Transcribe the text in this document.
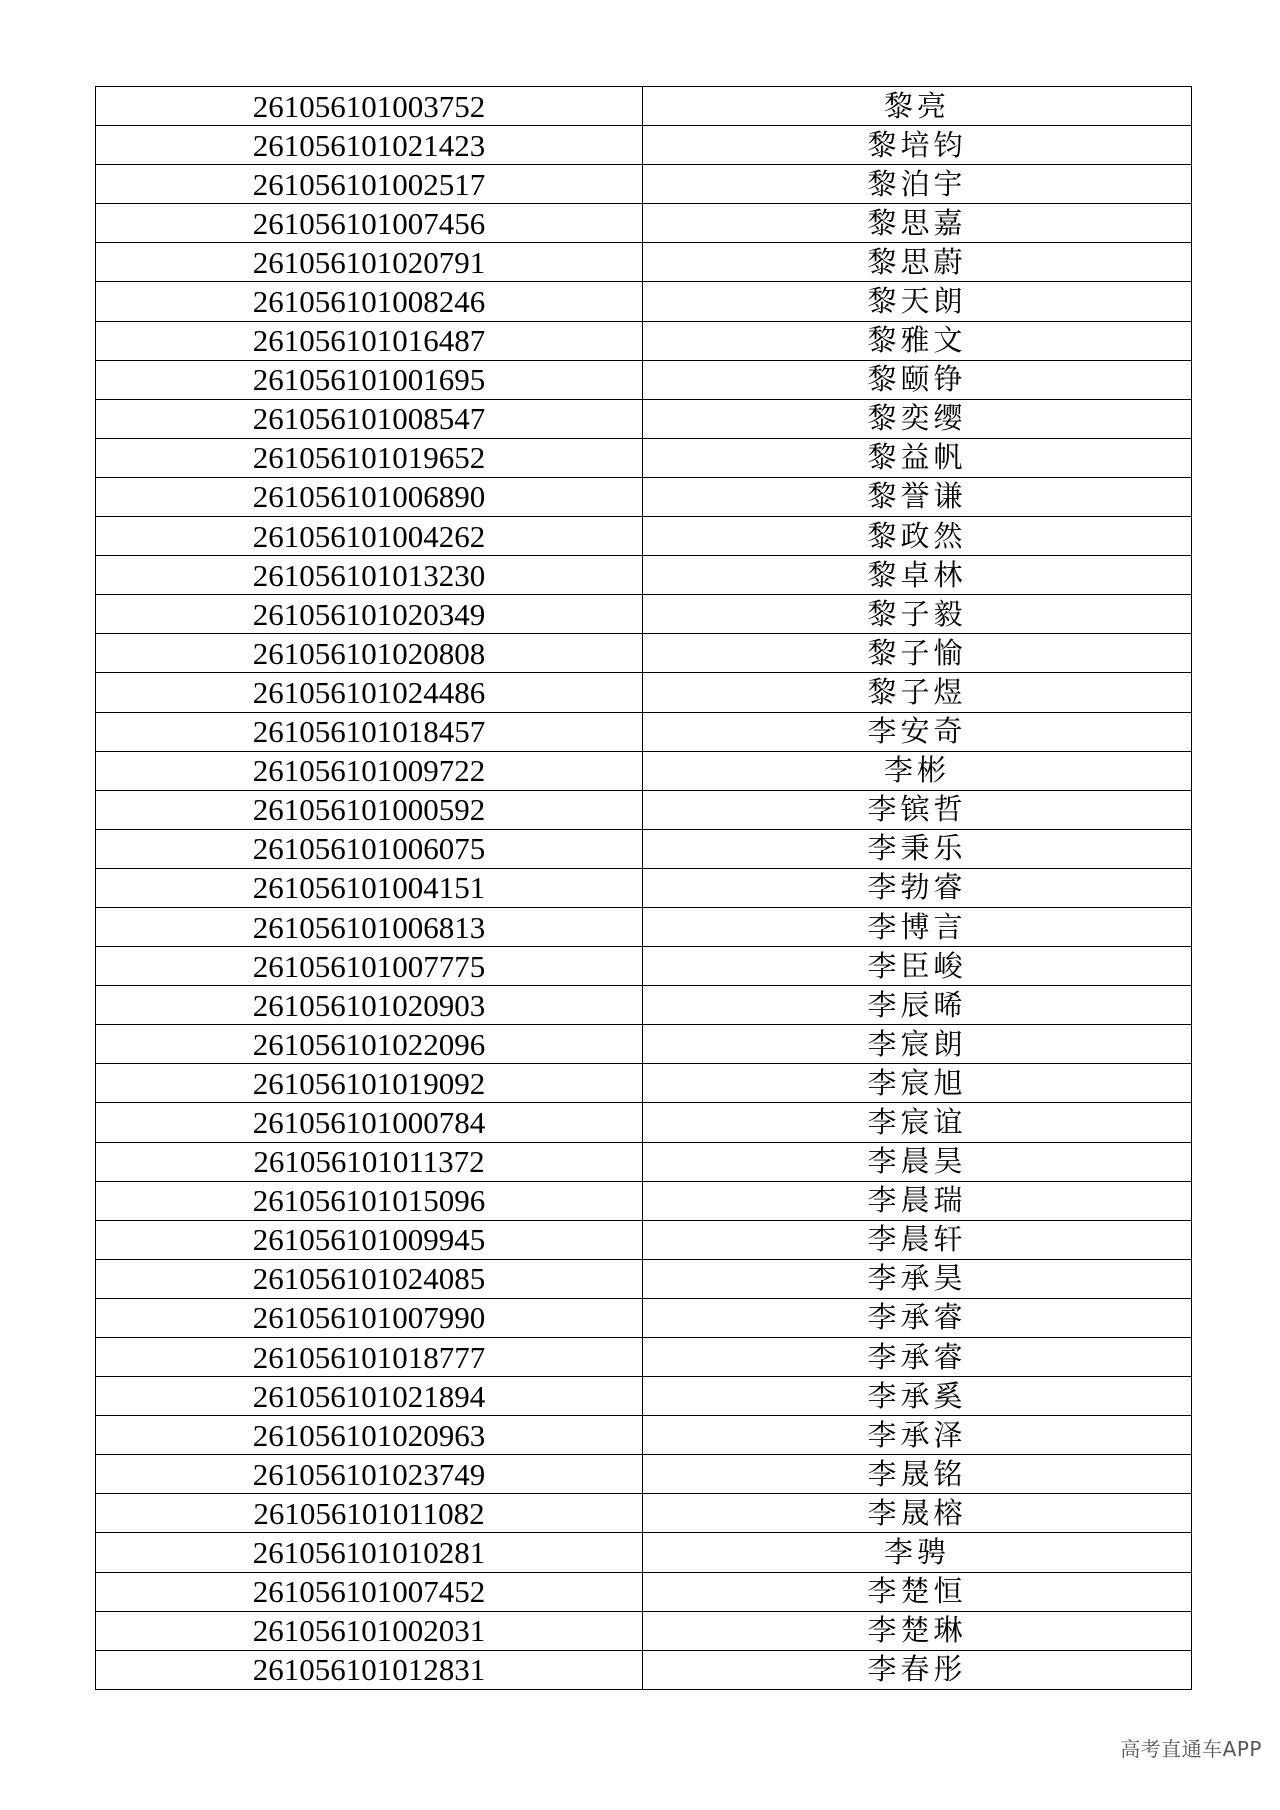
261056101003752	黎亮
261056101021423	黎培钧
261056101002517	黎泊宇
261056101007456	黎思嘉
261056101020791	黎思蔚
261056101008246	黎天朗
261056101016487	黎雅文
261056101001695	黎颐铮
261056101008547	黎奕缨
261056101019652	黎益帆
261056101006890	黎誉谦
261056101004262	黎政然
261056101013230	黎卓林
261056101020349	黎子毅
261056101020808	黎子愉
261056101024486	黎子煜
261056101018457	李安奇
261056101009722	李彬
261056101000592	李镔哲
261056101006075	李秉乐
261056101004151	李勃睿
261056101006813	李博言
261056101007775	李臣峻
261056101020903	李辰晞
261056101022096	李宸朗
261056101019092	李宸旭
261056101000784	李宸谊
261056101011372	李晨昊
261056101015096	李晨瑞
261056101009945	李晨轩
261056101024085	李承昊
261056101007990	李承睿
261056101018777	李承睿
261056101021894	李承奚
261056101020963	李承泽
261056101023749	李晟铭
261056101011082	李晟榕
261056101010281	李骋
261056101007452	李楚恒
261056101002031	李楚琳
261056101012831	李春彤
高考直通车APP
